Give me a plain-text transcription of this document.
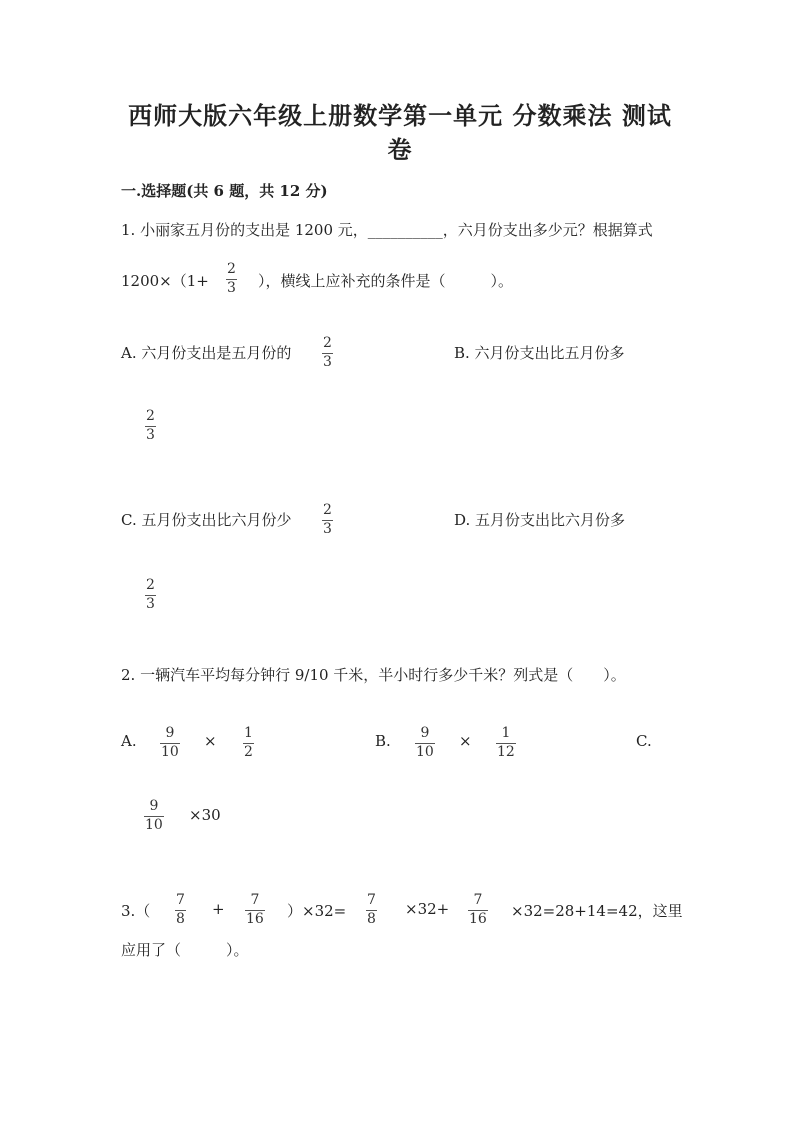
西师大版六年级上册数学第一单元 分数乘法 测试
卷
一.选择题(共 6 题，共 12 分)
1. 小丽家五月份的支出是 1200 元，__________，六月份支出多少元？根据算式
1200×（1+
2
3 ），横线上应补充的条件是（　　　）。
A. 六月份支出是五月份的
2
3	B. 六月份支出比五月份多
2
3
C. 五月份支出比六月份少
2
3	D. 五月份支出比六月份多
2
3
2. 一辆汽车平均每分钟行 9/10 千米，半小时行多少千米？列式是（　　）。
A. 9
10
× 1
2
B. 9
10
× 1
12
C.
9
10
×30
3.（
7
8
+ 7
16 ）×32=
7
8
×32+ 7
16 ×32=28+14=42，这里
应用了（　　　）。
